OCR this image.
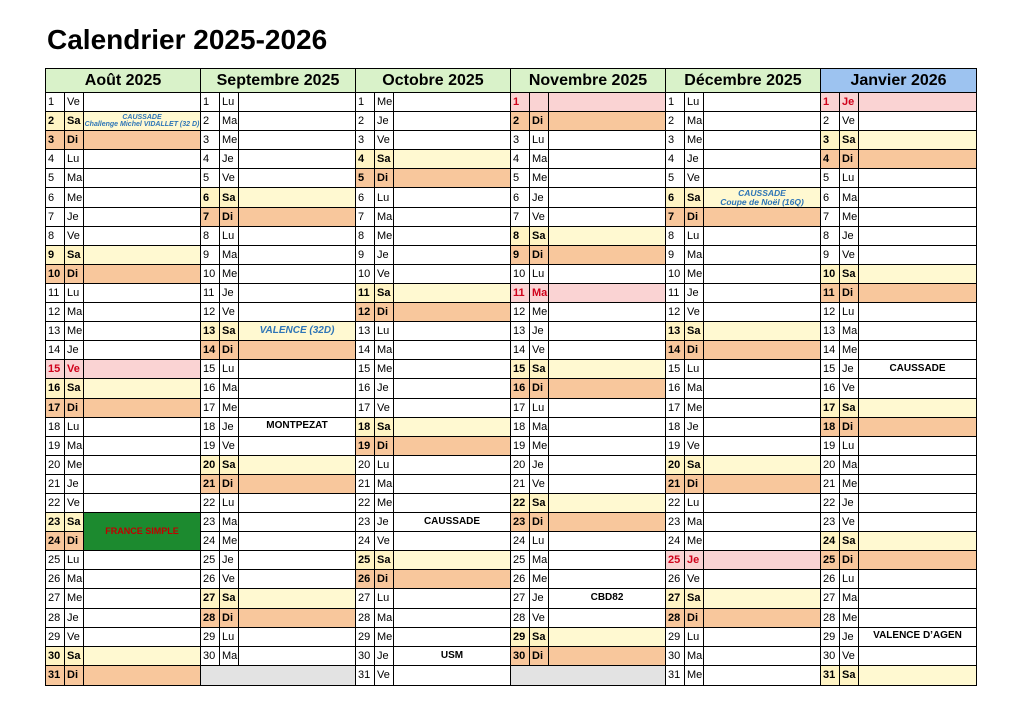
Calendrier 2025-2026
Août 2025
1	Ve
2	Sa	CAUSSADE
Challenge Michel VIDALLET (32 D)
3	Di
4	Lu
5	Ma
6	Me
7	Je
8	Ve
9	Sa
10 Di
11 Lu
12 Ma
13 Me
14 Je
15 Ve
16 Sa
17 Di
18 Lu
19 Ma
20 Me
21 Je
22 Ve
23 Sa
FRANCE SIMPLE
24 Di
25 Lu
26 Ma
27 Me
28 Je
29 Ve
30 Sa
31 Di
Septembre 2025
1	Lu
2	Ma
3	Me
4	Je
5	Ve
6	Sa
7	Di
8	Lu
9	Ma
10 Me
11 Je
12 Ve
13 Sa	VALENCE (32D)
14 Di
15 Lu
16 Ma
17 Me
18 Je	MONTPEZAT
19 Ve
20 Sa
21 Di
22 Lu
23 Ma
24 Me
25 Je
26 Ve
27 Sa
28 Di
29 Lu
30 Ma
Octobre 2025
1	Me
2	Je
3	Ve
4	Sa
5	Di
6	Lu
7	Ma
8	Me
9	Je
10 Ve
11 Sa
12 Di
13 Lu
14 Ma
15 Me
16 Je
17 Ve
18 Sa
19 Di
20 Lu
21 Ma
22 Me
23 Je	CAUSSADE
24 Ve
25 Sa
26 Di
27 Lu
28 Ma
29 Me
30 Je	USM
31 Ve
Novembre 2025
1
2	Di
3	Lu
4	Ma
5	Me
6	Je
7	Ve
8	Sa
9	Di
10 Lu
11 Ma
12 Me
13 Je
14 Ve
15 Sa
16 Di
17 Lu
18 Ma
19 Me
20 Je
21 Ve
22 Sa
23 Di
24 Lu
25 Ma
26 Me
27 Je	CBD82
28 Ve
29 Sa
30 Di
Décembre 2025
1	Lu
2	Ma
3	Me
4	Je
5	Ve
6	Sa	CAUSSADE
Coupe de Noël (16Q)
7	Di
8	Lu
9	Ma
10 Me
11 Je
12 Ve
13 Sa
14 Di
15 Lu
16 Ma
17 Me
18 Je
19 Ve
20 Sa
21 Di
22 Lu
23 Ma
24 Me
25 Je
26 Ve
27 Sa
28 Di
29 Lu
30 Ma
31 Me
Janvier 2026
1	Je
2	Ve
3	Sa
4	Di
5	Lu
6	Ma
7	Me
8	Je
9	Ve
10 Sa
11 Di
12 Lu
13 Ma
14 Me
15 Je	CAUSSADE
16 Ve
17 Sa
18 Di
19 Lu
20 Ma
21 Me
22 Je
23 Ve
24 Sa
25 Di
26 Lu
27 Ma
28 Me
29 Je	VALENCE D’AGEN
30 Ve
31 Sa
